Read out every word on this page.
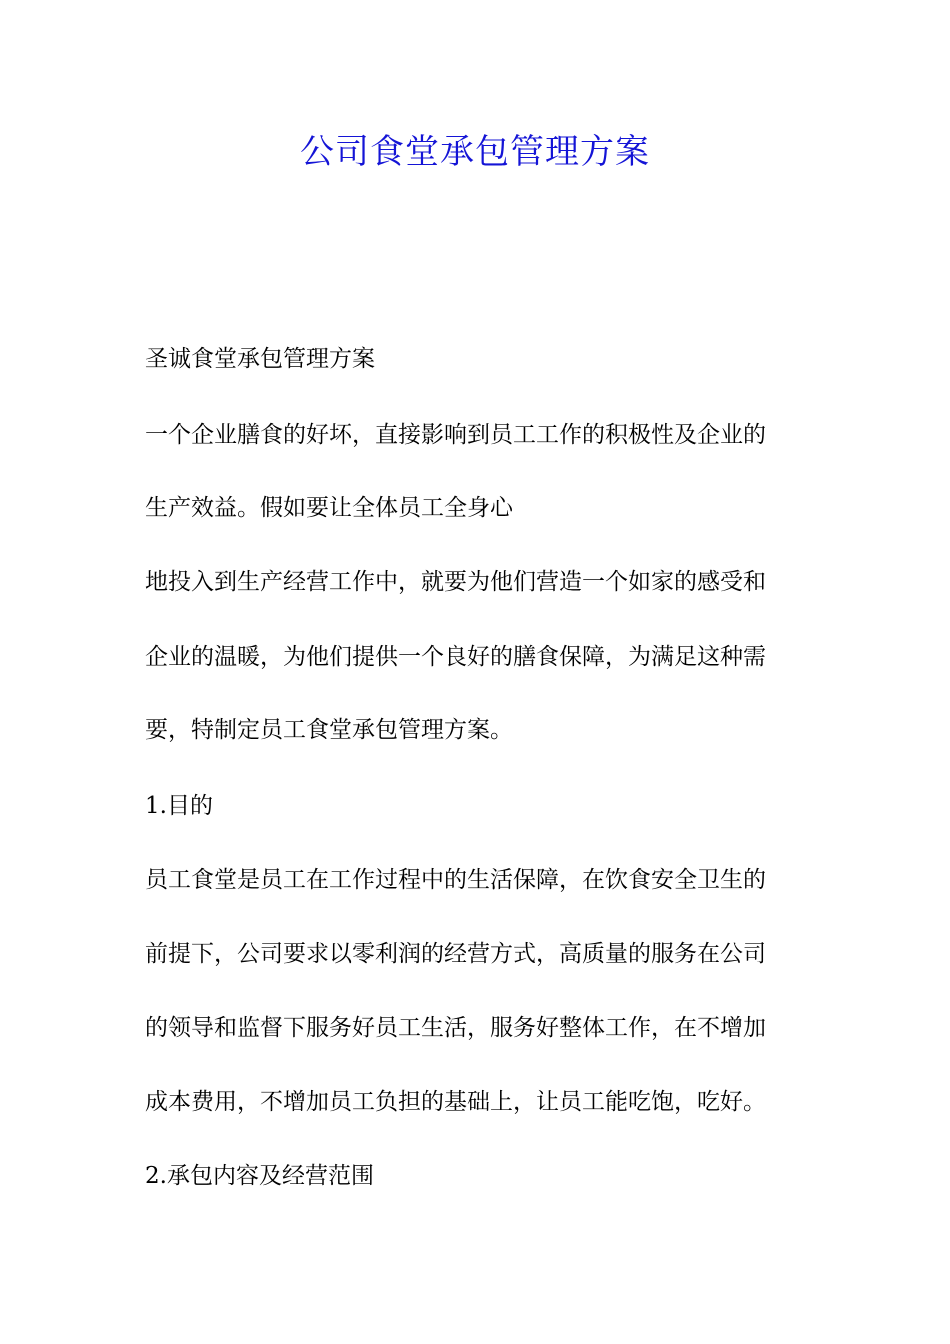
公司食堂承包管理方案
圣诚食堂承包管理方案
一个企业膳食的好坏，直接影响到员工工作的积极性及企业的
生产效益。假如要让全体员工全身心
地投入到生产经营工作中，就要为他们营造一个如家的感受和
企业的温暖，为他们提供一个良好的膳食保障，为满足这种需
要，特制定员工食堂承包管理方案。
1.目的
员工食堂是员工在工作过程中的生活保障，在饮食安全卫生的
前提下，公司要求以零利润的经营方式，高质量的服务在公司
的领导和监督下服务好员工生活，服务好整体工作，在不增加
成本费用，不增加员工负担的基础上，让员工能吃饱，吃好。
2.承包内容及经营范围
